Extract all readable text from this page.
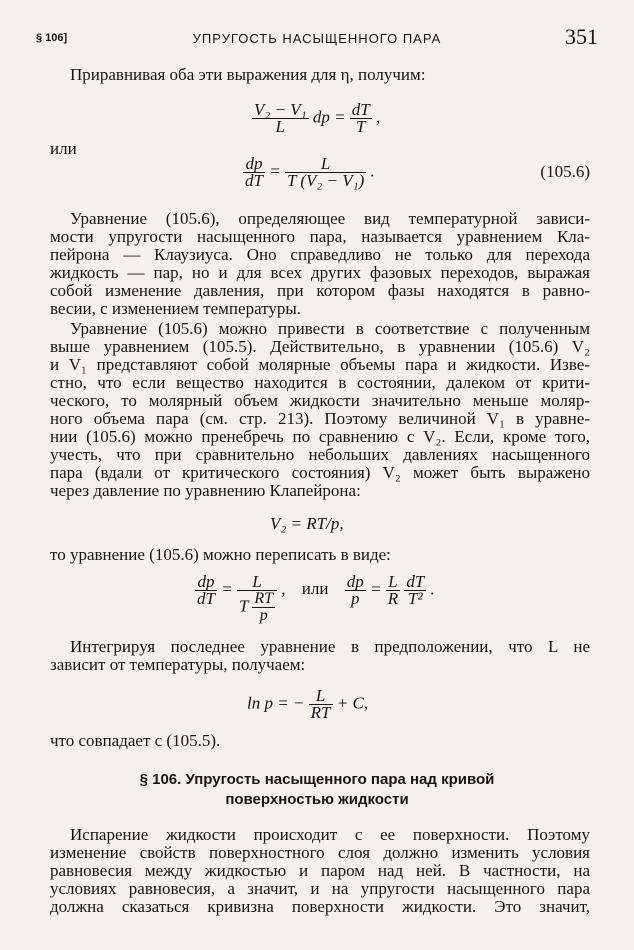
§ 106]	УПРУГОСТЬ НАСЫЩЕННОГО ПАРА	351
Приравнивая оба эти выражения для η, получим:
$\frac{\text{V₂ − V₁}}{L}$ dp = $\frac{dT}{T}$ ,
или
$\frac{dp}{dT} = \frac{L}{\text{T (V₂ − V₁)}}$ .	(105.6)
Уравнение (105.6), определяющее вид температурной зависи-
мости упругости насыщенного пара, называется уравнением Кла-
пейрона — Клаузиуса. Оно справедливо не только для перехода
жидкость — пар, но и для всех других фазовых переходов, выражая
собой изменение давления, при котором фазы находятся в равно-
весии, с изменением температуры.
Уравнение (105.6) можно привести в соответствие с полученным
выше уравнением (105.5). Действительно, в уравнении (105.6) V₂
и V₁ представляют собой молярные объемы пара и жидкости. Изве-
стно, что если вещество находится в состоянии, далеком от крити-
ческого, то молярный объем жидкости значительно меньше моляр-
ного объема пара (см. стр. 213). Поэтому величиной V₁ в уравне-
нии (105.6) можно пренебречь по сравнению с V₂. Если, кроме того,
учесть, что при сравнительно небольших давлениях насыщенного
пара (вдали от критического состояния) V₂ может быть выражено
через давление по уравнению Клапейрона:
V₂ = RT/p,
то уравнение (105.6) можно переписать в виде:
$\frac{dp}{dT} = \frac{L}{T \frac{RT}{p}}$ , или $\frac{dp}{p} = \frac{L}{R}$
$\frac{dT}{\text{T²}}$ .
Интегрируя последнее уравнение в предположении, что L не
зависит от температуры, получаем:
ln p = − $\frac{L}{RT} + C$,
что совпадает с (105.5).
§ 106. Упругость насыщенного пара над кривой
поверхностью жидкости
Испарение жидкости происходит с ее поверхности. Поэтому
изменение свойств поверхностного слоя должно изменить условия
равновесия между жидкостью и паром над ней. В частности, на
условиях равновесия, а значит, и на упругости насыщенного пара
должна сказаться кривизна поверхности жидкости. Это значит,
